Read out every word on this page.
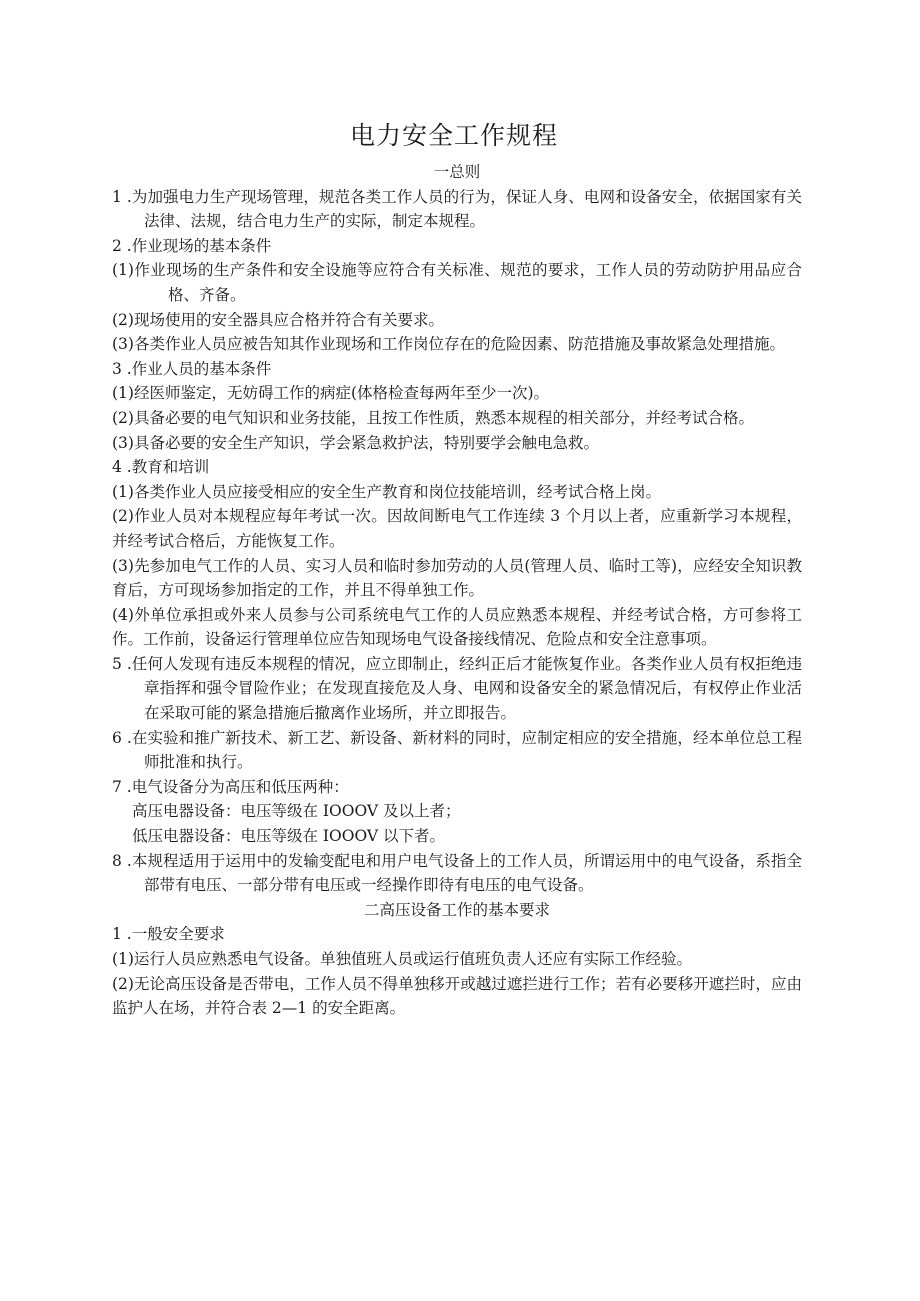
电力安全工作规程

一总则

1 .为加强电力生产现场管理，规范各类工作人员的行为，保证人身、电网和设备安全，依据国家有关法律、法规，结合电力生产的实际，制定本规程。

2 .作业现场的基本条件

(1)作业现场的生产条件和安全设施等应符合有关标准、规范的要求，工作人员的劳动防护用品应合格、齐备。

(2)现场使用的安全器具应合格并符合有关要求。

(3)各类作业人员应被告知其作业现场和工作岗位存在的危险因素、防范措施及事故紧急处理措施。

3 .作业人员的基本条件

(1)经医师鉴定，无妨碍工作的病症(体格检查每两年至少一次)。

(2)具备必要的电气知识和业务技能，且按工作性质，熟悉本规程的相关部分，并经考试合格。

(3)具备必要的安全生产知识，学会紧急救护法，特别要学会触电急救。

4 .教育和培训

(1)各类作业人员应接受相应的安全生产教育和岗位技能培训，经考试合格上岗。

(2)作业人员对本规程应每年考试一次。因故间断电气工作连续 3 个月以上者，应重新学习本规程，并经考试合格后，方能恢复工作。

(3)先参加电气工作的人员、实习人员和临时参加劳动的人员(管理人员、临时工等)，应经安全知识教育后，方可现场参加指定的工作，并且不得单独工作。

(4)外单位承担或外来人员参与公司系统电气工作的人员应熟悉本规程、并经考试合格，方可参将工作。工作前，设备运行管理单位应告知现场电气设备接线情况、危险点和安全注意事项。

5 .任何人发现有违反本规程的情况，应立即制止，经纠正后才能恢复作业。各类作业人员有权拒绝违章指挥和强令冒险作业；在发现直接危及人身、电网和设备安全的紧急情况后，有权停止作业活在采取可能的紧急措施后撤离作业场所，并立即报告。

6 .在实验和推广新技术、新工艺、新设备、新材料的同时，应制定相应的安全措施，经本单位总工程师批准和执行。

7 .电气设备分为高压和低压两种：

高压电器设备：电压等级在 IOOOV 及以上者；

低压电器设备：电压等级在 IOOOV 以下者。

8 .本规程适用于运用中的发输变配电和用户电气设备上的工作人员，所谓运用中的电气设备，系指全部带有电压、一部分带有电压或一经操作即待有电压的电气设备。

二高压设备工作的基本要求

1 .一般安全要求

(1)运行人员应熟悉电气设备。单独值班人员或运行值班负责人还应有实际工作经验。

(2)无论高压设备是否带电，工作人员不得单独移开或越过遮拦进行工作；若有必要移开遮拦时，应由监护人在场，并符合表 2—1 的安全距离。
